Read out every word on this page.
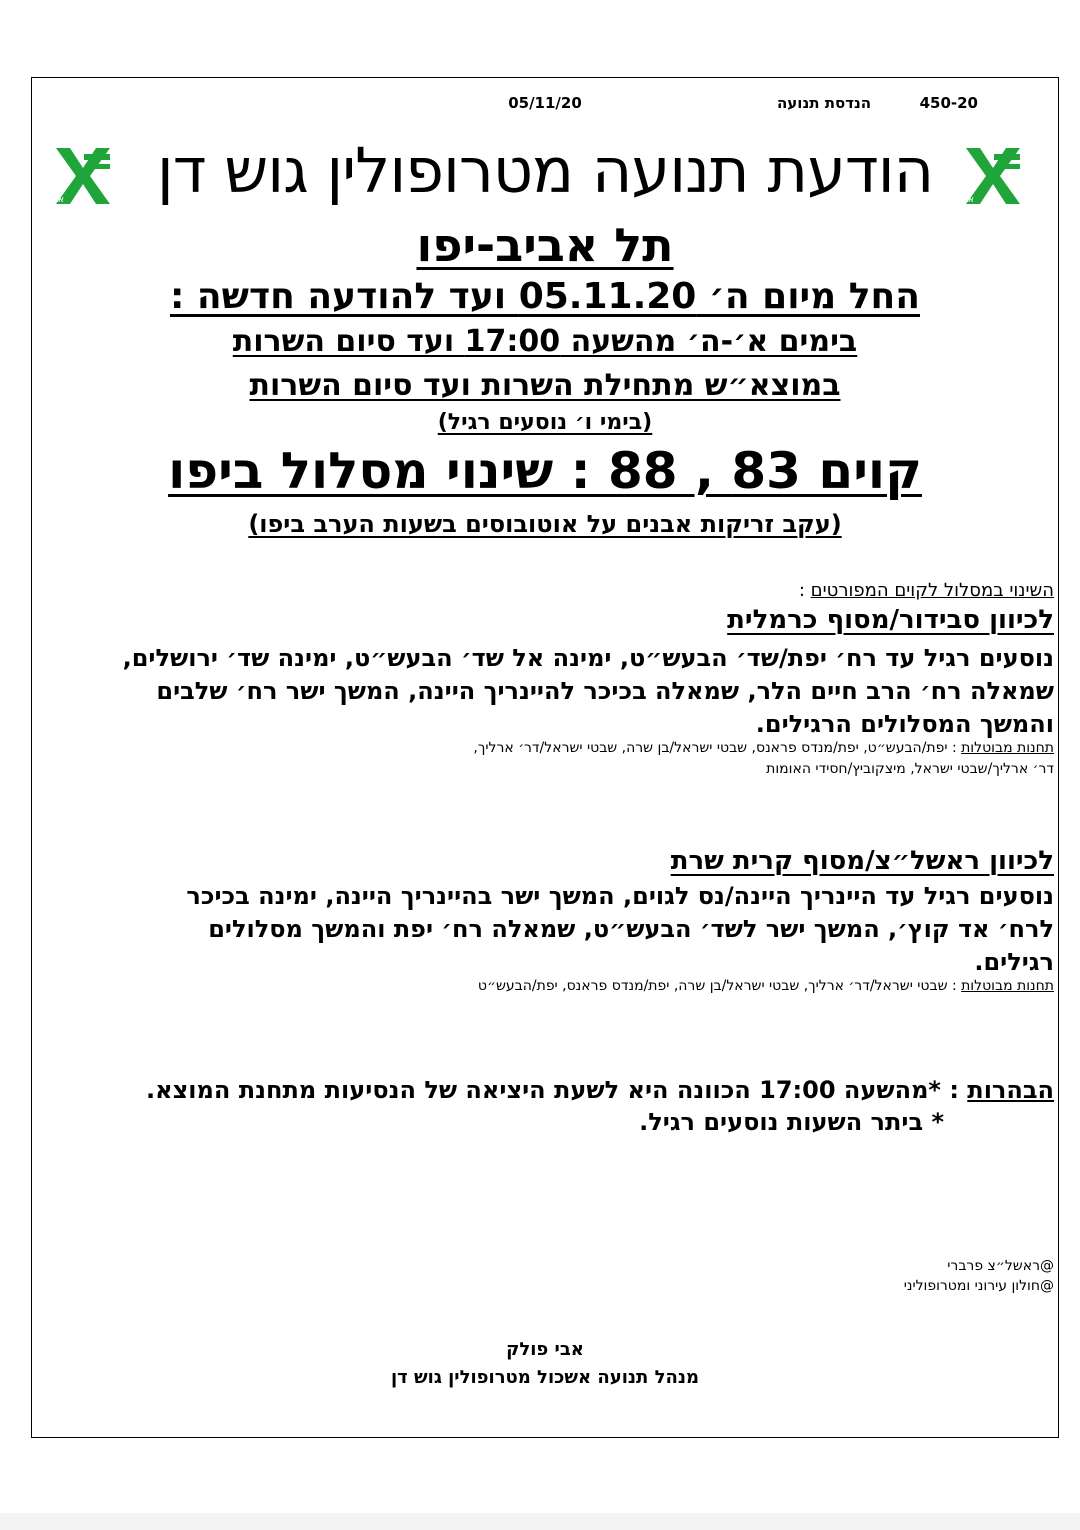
450-20
05/11/20	הנדסת תנועה
אגד
אגד	הודעת תנועה מטרופולין גוש דן
תל אביב-יפו
החל מיום ה׳ 05.11.20 ועד להודעה חדשה :
בימים א׳-ה׳ מהשעה 17:00 ועד סיום השרות
במוצא״ש מתחילת השרות ועד סיום השרות
(בימי ו׳ נוסעים רגיל)
קוים 83 , 88 : שינוי מסלול ביפו
(עקב זריקות אבנים על אוטובוסים בשעות הערב ביפו)
השינוי במסלול לקוים המפורטים :
לכיוון סבידור/מסוף כרמלית
נוסעים רגיל עד רח׳ יפת/שד׳ הבעש״ט, ימינה אל שד׳ הבעש״ט, ימינה שד׳ ירושלים,
שמאלה רח׳ הרב חיים הלר, שמאלה בכיכר להיינריך היינה, המשך ישר רח׳ שלבים
והמשך המסלולים הרגילים.
תחנות מבוטלות : יפת/הבעש״ט, יפת/מנדס פראנס, שבטי ישראל/בן שרה, שבטי ישראל/דר׳ ארליך,
דר׳ ארליך/שבטי ישראל, מיצקוביץ/חסידי האומות
לכיוון ראשל״צ/מסוף קרית שרת
נוסעים רגיל עד היינריך היינה/נס לגוים, המשך ישר בהיינריך היינה, ימינה בכיכר
לרח׳ אד קוץ׳, המשך ישר לשד׳ הבעש״ט, שמאלה רח׳ יפת והמשך מסלולים
רגילים.
תחנות מבוטלות : שבטי ישראל/דר׳ ארליך, שבטי ישראל/בן שרה, יפת/מנדס פראנס, יפת/הבעש״ט
הבהרות : *מהשעה 17:00 הכוונה היא לשעת היציאה של הנסיעות מתחנת המוצא.
* ביתר השעות נוסעים רגיל.
@ראשל״צ פרברי
@חולון עירוני ומטרופוליני
אבי פולק
מנהל תנועה אשכול מטרופולין גוש דן
